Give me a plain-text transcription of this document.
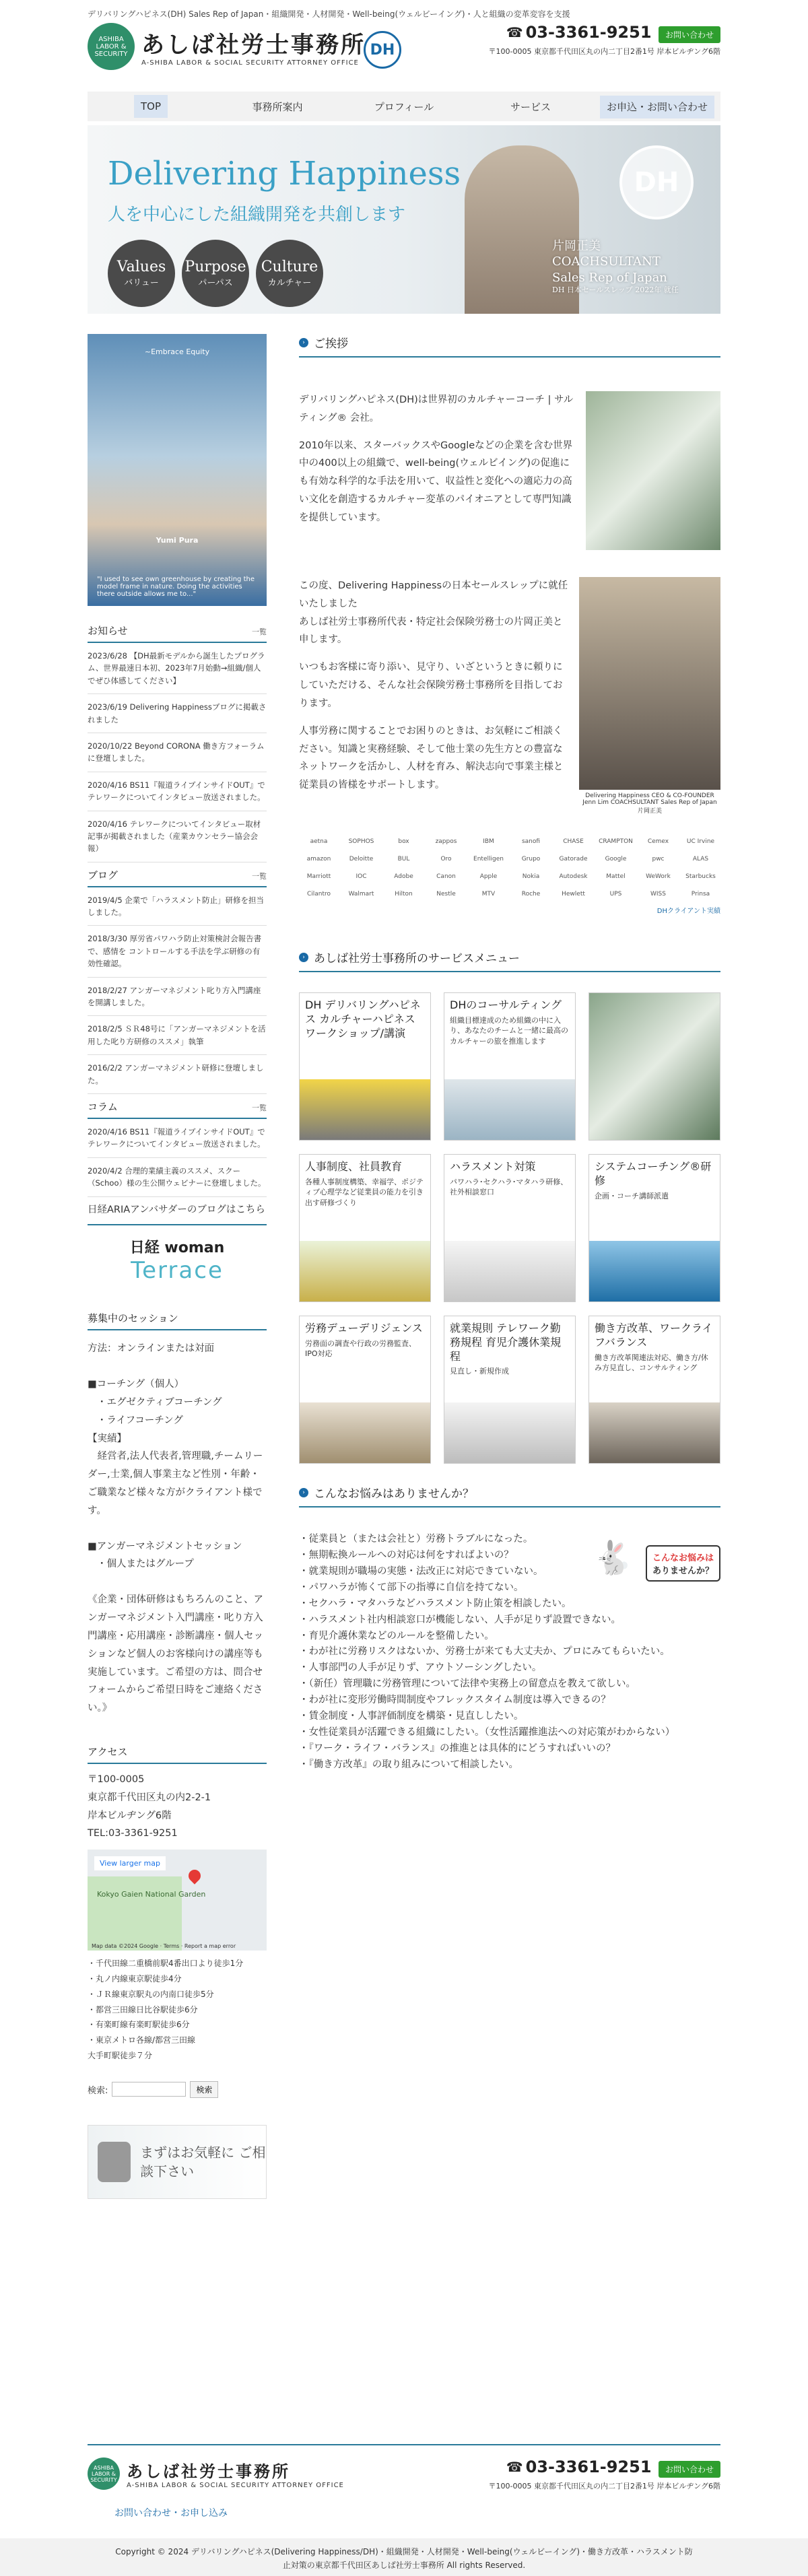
デリバリングハピネス(DH) Sales Rep of Japan・組織開発・人材開発・Well-being(ウェルビーイング)・人と組織の変革変容を支援
ASHIBA LABOR & SECURITY あしば社労士事務所
A-SHIBA LABOR & SOCIAL SECURITY ATTORNEY OFFICE
DH
☎ 03-3361-9251 お問い合わせ
〒100-0005 東京都千代田区丸の内二丁目2番1号 岸本ビルヂング6階
TOP	事務所案内	プロフィール	サービス	お申込・お問い合わせ
Delivering Happiness
人を中心にした組織開発を共創します
Values
バリュー
Purpose
パーパス
Culture
カルチャー
DH
片岡正美
COACHSULTANT
Sales Rep of Japan
DH 日本セールスレップ 2022年 就任
~Embrace Equity
Yumi Pura
"I used to see own greenhouse by creating the model frame in nature. Doing the activities there outside allows me to..."
お知らせ	一覧
2023/6/28 【DH最新モデルから誕生したプログラム、世界最速日本初、2023年7月始動→組織/個人でぜひ体感してください】
2023/6/19 Delivering Happinessブログに掲載されました
2020/10/22 Beyond CORONA 働き方フォーラム に登壇しました。
2020/4/16 BS11『報道ライブインサイドOUT』でテレワークについてインタビュー放送されました。
2020/4/16 テレワークについてインタビュー取材記事が掲載されました（産業カウンセラー協会会報）
ブログ	一覧
2019/4/5 企業で「ハラスメント防止」研修を担当しました。
2018/3/30 厚労省パワハラ防止対策検討会報告書で、感情を コントロールする手法を学ぶ研修の有効性確認。
2018/2/27 アンガーマネジメント叱り方入門講座を開講しました。
2018/2/5 ＳＲ48号に「アンガーマネジメントを活用した叱り方研修のススメ」執筆
2016/2/2 アンガーマネジメント研修に登壇しました。
コラム	一覧
2020/4/16 BS11『報道ライブインサイドOUT』でテレワークについてインタビュー放送されました。
2020/4/2 合理的業績主義のススメ、スクー（Schoo）様の生公開ウェビナーに登壇しました。
日経ARIAアンバサダーのブログはこちら
日経 woman
Terrace
募集中のセッション
方法：オンラインまたは対面
■コーチング（個人）
・エグゼクティブコーチング
・ライフコーチング
【実績】
経営者,法人代表者,管理職,チームリーダー,士業,個人事業主など性別・年齢・ご職業など様々な方がクライアント様です。
■アンガーマネジメントセッション
・個人またはグループ
《企業・団体研修はもちろんのこと、アンガーマネジメント入門講座・叱り方入門講座・応用講座・診断講座・個人セッションなど個人のお客様向けの講座等も実施しています。ご希望の方は、問合せフォームからご希望日時をご連絡ください。》
アクセス
〒100-0005
東京都千代田区丸の内2-2-1
岸本ビルヂング6階
TEL:03-3361-9251
Kokyo Gaien National Garden
View larger map
Map data ©2024 Google · Terms · Report a map error
・千代田線二重橋前駅4番出口より徒歩1分
・丸ノ内線東京駅徒歩4分
・ＪＲ線東京駅丸の内南口徒歩5分
・都営三田線日比谷駅徒歩6分
・有楽町線有楽町駅徒歩6分
・東京メトロ各線/都営三田線
大手町駅徒歩７分
検索:	検索
まずはお気軽に ご相談下さい
› ご挨拶

デリバリングハピネス(DH)は世界初のカルチャーコーチ | サルティング® 会社。

2010年以来、スターバックスやGoogleなどの企業を含む世界中の400以上の組織で、well-being(ウェルビイング)の促進にも有効な科学的な手法を用いて、収益性と変化への適応力の高い文化を創造するカルチャー変革のパイオニアとして専門知識を提供しています。

この度、Delivering Happinessの日本セールスレップに就任いたしました

あしば社労士事務所代表・特定社会保険労務士の片岡正美と申します。

いつもお客様に寄り添い、見守り、いざというときに頼りにしていただける、そんな社会保険労務士事務所を目指しております。

人事労務に関することでお困りのときは、お気軽にご相談ください。知識と実務経験、そして他士業の先生方との豊富なネットワークを活かし、人材を育み、解決志向で事業主様と従業員の皆様をサポートします。

Delivering Happiness CEO & CO-FOUNDER Jenn Lim COACHSULTANT Sales Rep of Japan 片岡正美
aetna	SOPHOS	box	zappos	IBM	sanofi	CHASE	CRAMPTON	Cemex	UC Irvine
amazon	Deloitte	BUL	Oro	Entelligen	Grupo	Gatorade	Google	pwc	ALAS
Marriott	IOC	Adobe	Canon	Apple	Nokia	Autodesk	Mattel	WeWork	Starbucks
Cilantro	Walmart	Hilton	Nestle	MTV	Roche	Hewlett	UPS	WISS	Prinsa
DHクライアント実績
› あしば社労士事務所のサービスメニュー
DH デリバリングハピネス カルチャーハピネスワークショップ/講演
DHのコーサルティング
組織目標達成のため組織の中に入り、あなたのチームと一緒に最高のカルチャーの旅を推進します
人事制度、社員教育
各種人事制度構築、幸福学、ポジティブ心理学など従業員の能力を引き出す研修づくり
ハラスメント対策
パワハラ･セクハラ･マタハラ研修、社外相談窓口
システムコーチング®研修
企画・コーチ講師派遣
労務デューデリジェンス
労務面の調査や行政の労務監査、IPO対応
就業規則 テレワーク勤務規程 育児介護休業規程
見直し・新規作成
働き方改革、ワークライフバランス
働き方改革関連法対応、働き方/休み方見直し、コンサルティング
› こんなお悩みはありませんか？
🐇	こんなお悩みは
ありませんか？
・従業員と（または会社と）労務トラブルになった。
・無期転換ルールへの対応は何をすればよいの？
・就業規則が職場の実態・法改正に対応できていない。
・パワハラが怖くて部下の指導に自信を持てない。
・セクハラ・マタハラなどハラスメント防止策を相談したい。
・ハラスメント社内相談窓口が機能しない、人手が足りず設置できない。
・育児介護休業などのルールを整備したい。
・わが社に労務リスクはないか、労務士が来ても大丈夫か、プロにみてもらいたい。
・人事部門の人手が足りず、アウトソーシングしたい。
・（新任）管理職に労務管理について法律や実務上の留意点を教えて欲しい。
・わが社に変形労働時間制度やフレックスタイム制度は導入できるの？
・賃金制度・人事評価制度を構築・見直ししたい。
・女性従業員が活躍できる組織にしたい。（女性活躍推進法への対応策がわからない）
・『ワーク・ライフ・バランス』の推進とは具体的にどうすればいいの？
・『働き方改革』の取り組みについて相談したい。
ASHIBA LABOR & SECURITY あしば社労士事務所
A-SHIBA LABOR & SOCIAL SECURITY ATTORNEY OFFICE
☎ 03-3361-9251 お問い合わせ
〒100-0005 東京都千代田区丸の内二丁目2番1号 岸本ビルヂング6階
お問い合わせ・お申し込み
Copyright © 2024 デリバリングハピネス(Delivering Happiness/DH)・組織開発・人材開発・Well-being(ウェルビーイング)・働き方改革・ハラスメント防
止対策の東京都千代田区あしば社労士事務所 All rights Reserved.
